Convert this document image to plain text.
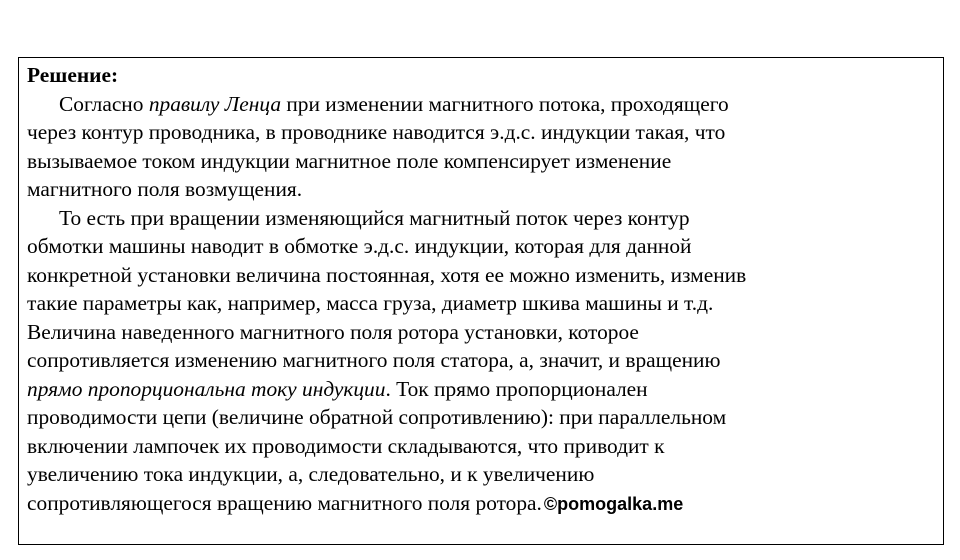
Решение:
Согласно правилу Ленца при изменении магнитного потока, проходящего
через контур проводника, в проводнике наводится э.д.с. индукции такая, что
вызываемое током индукции магнитное поле компенсирует изменение
магнитного поля возмущения.
То есть при вращении изменяющийся магнитный поток через контур
обмотки машины наводит в обмотке э.д.с. индукции, которая для данной
конкретной установки величина постоянная, хотя ее можно изменить, изменив
такие параметры как, например, масса груза, диаметр шкива машины и т.д.
Величина наведенного магнитного поля ротора установки, которое
сопротивляется изменению магнитного поля статора, а, значит, и вращению
прямо пропорциональна току индукции. Ток прямо пропорционален
проводимости цепи (величине обратной сопротивлению): при параллельном
включении лампочек их проводимости складываются, что приводит к
увеличению тока индукции, а, следовательно, и к увеличению
сопротивляющегося вращению магнитного поля ротора. ©pomogalka.me
